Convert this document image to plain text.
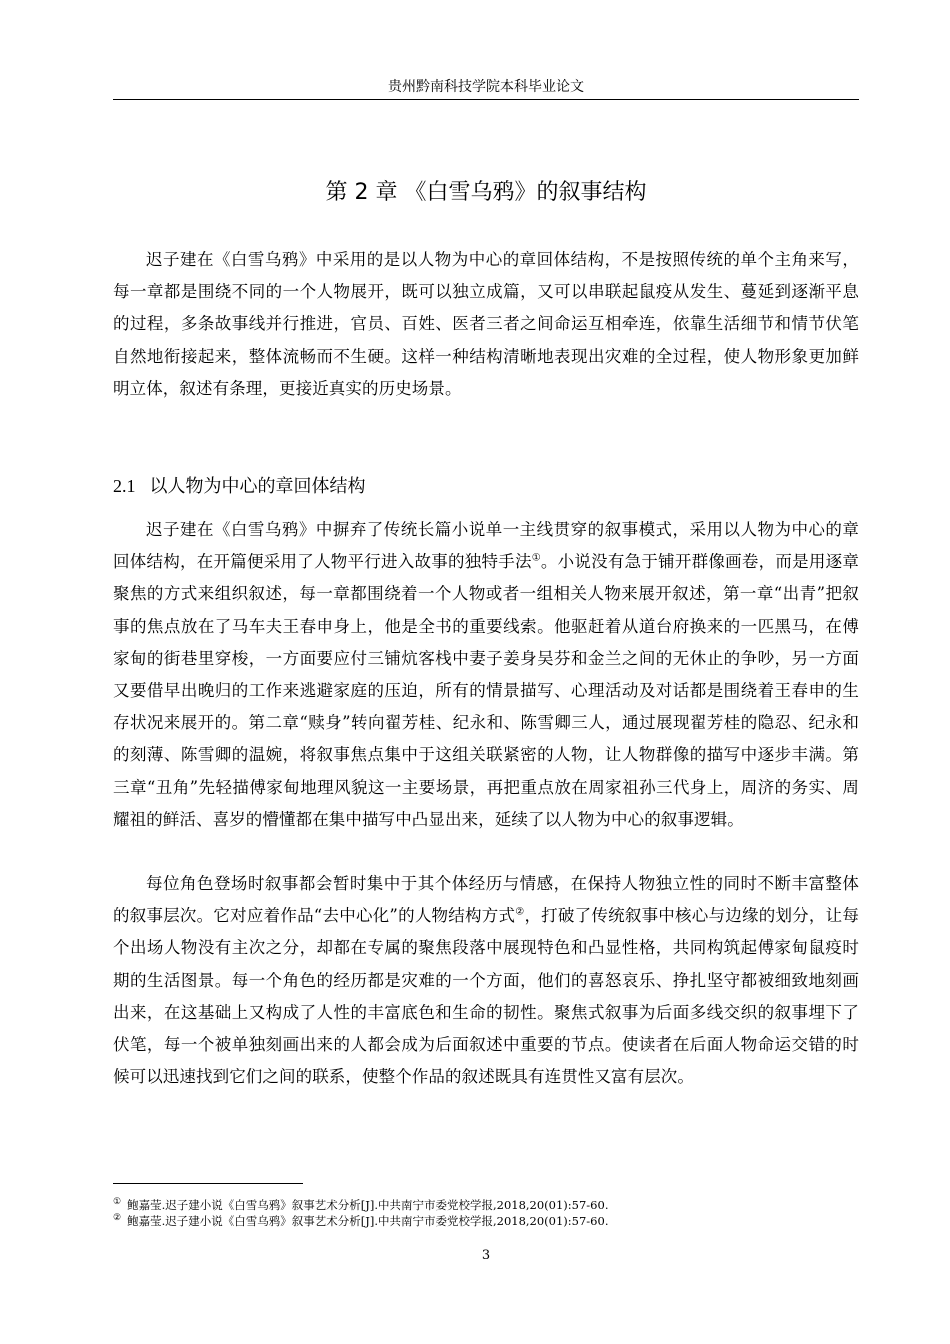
贵州黔南科技学院本科毕业论文
第 2 章 《白雪乌鸦》的叙事结构

迟子建在《白雪乌鸦》中采用的是以人物为中心的章回体结构，不是按照传统的单个主角来写，每一章都是围绕不同的一个人物展开，既可以独立成篇，又可以串联起鼠疫从发生、蔓延到逐渐平息的过程，多条故事线并行推进，官员、百姓、医者三者之间命运互相牵连，依靠生活细节和情节伏笔自然地衔接起来，整体流畅而不生硬。这样一种结构清晰地表现出灾难的全过程，使人物形象更加鲜明立体，叙述有条理，更接近真实的历史场景。

2.1 以人物为中心的章回体结构

迟子建在《白雪乌鸦》中摒弃了传统长篇小说单一主线贯穿的叙事模式，采用以人物为中心的章回体结构，在开篇便采用了人物平行进入故事的独特手法①。小说没有急于铺开群像画卷，而是用逐章聚焦的方式来组织叙述，每一章都围绕着一个人物或者一组相关人物来展开叙述，第一章“出青”把叙事的焦点放在了马车夫王春申身上，他是全书的重要线索。他驱赶着从道台府换来的一匹黑马，在傅家甸的街巷里穿梭，一方面要应付三铺炕客栈中妻子姜身吴芬和金兰之间的无休止的争吵，另一方面又要借早出晚归的工作来逃避家庭的压迫，所有的情景描写、心理活动及对话都是围绕着王春申的生存状况来展开的。第二章“赎身”转向翟芳桂、纪永和、陈雪卿三人，通过展现翟芳桂的隐忍、纪永和的刻薄、陈雪卿的温婉，将叙事焦点集中于这组关联紧密的人物，让人物群像的描写中逐步丰满。第三章“丑角”先轻描傅家甸地理风貌这一主要场景，再把重点放在周家祖孙三代身上，周济的务实、周耀祖的鲜活、喜岁的懵懂都在集中描写中凸显出来，延续了以人物为中心的叙事逻辑。

每位角色登场时叙事都会暂时集中于其个体经历与情感，在保持人物独立性的同时不断丰富整体的叙事层次。它对应着作品“去中心化”的人物结构方式②，打破了传统叙事中核心与边缘的划分，让每个出场人物没有主次之分，却都在专属的聚焦段落中展现特色和凸显性格，共同构筑起傅家甸鼠疫时期的生活图景。每一个角色的经历都是灾难的一个方面，他们的喜怒哀乐、挣扎坚守都被细致地刻画出来，在这基础上又构成了人性的丰富底色和生命的韧性。聚焦式叙事为后面多线交织的叙事埋下了伏笔，每一个被单独刻画出来的人都会成为后面叙述中重要的节点。使读者在后面人物命运交错的时候可以迅速找到它们之间的联系，使整个作品的叙述既具有连贯性又富有层次。

① 鲍嘉莹.迟子建小说《白雪乌鸦》叙事艺术分析[J].中共南宁市委党校学报,2018,20(01):57-60.
② 鲍嘉莹.迟子建小说《白雪乌鸦》叙事艺术分析[J].中共南宁市委党校学报,2018,20(01):57-60.
3
